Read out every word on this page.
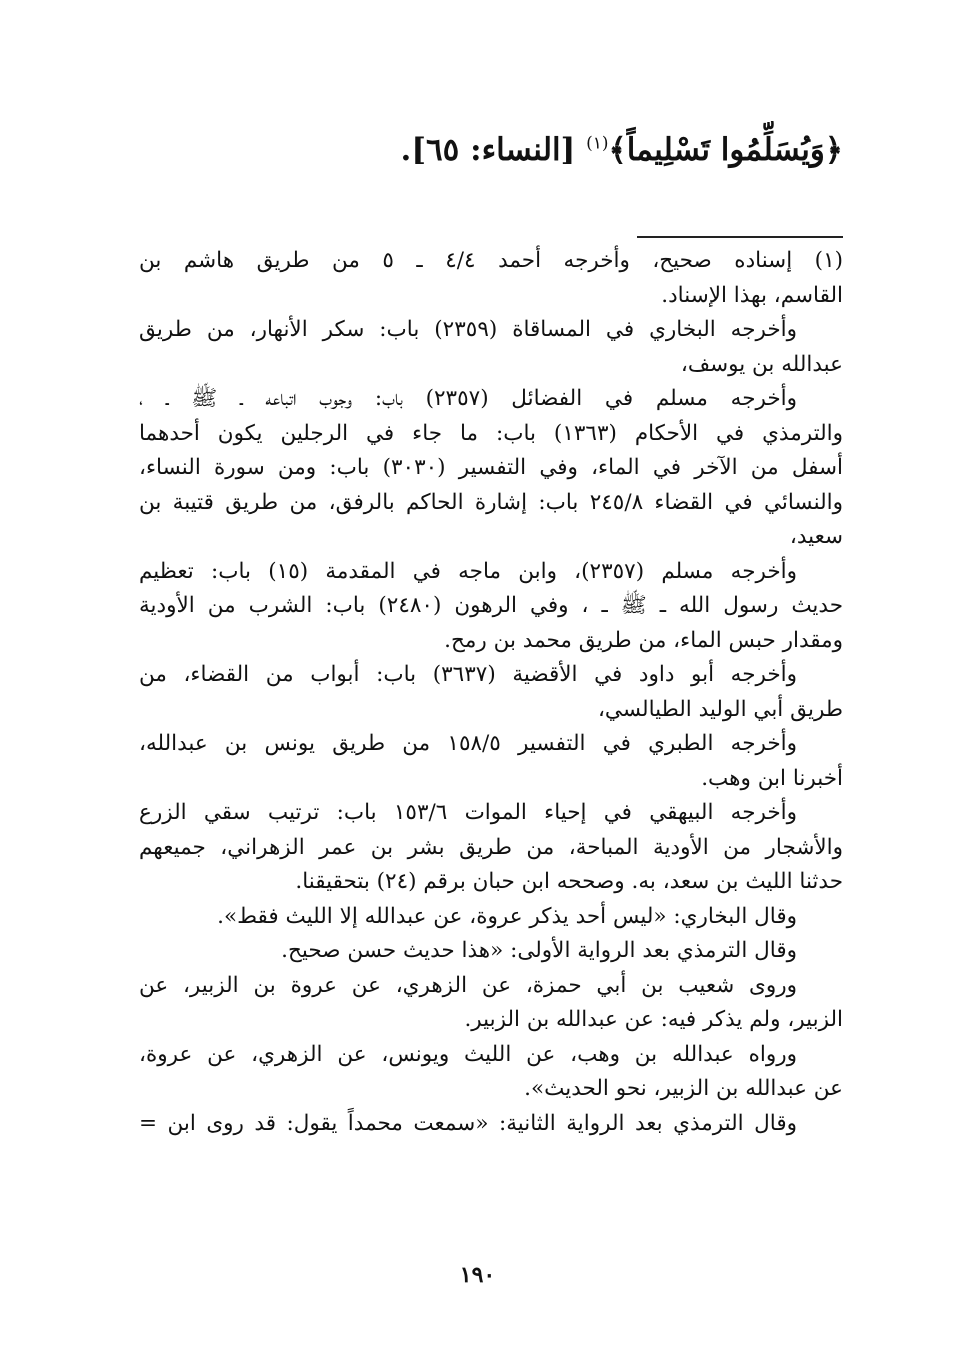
﴿وَيُسَلِّمُوا تَسْلِيماً﴾$^{(١)}$ [النساء: ٦٥].
(١) إسناده صحيح، وأخرجه أحمد ٤/٤ ـ ٥ من طريق هاشم بن
القاسم، بهذا الإسناد.
وأخرجه البخاري في المساقاة (٢٣٥٩) باب: سكر الأنهار، من طريق
عبدالله بن يوسف،
وأخرجه مسلم في الفضائل (٢٣٥٧) باب: وجوب اتباعه ـ ﷺ ـ ،
والترمذي في الأحكام (١٣٦٣) باب: ما جاء في الرجلين يكون أحدهما
أسفل من الآخر في الماء، وفي التفسير (٣٠٣٠) باب: ومن سورة النساء،
والنسائي في القضاء ٢٤٥/٨ باب: إشارة الحاكم بالرفق، من طريق قتيبة بن
سعيد،
وأخرجه مسلم (٢٣٥٧)، وابن ماجه في المقدمة (١٥) باب: تعظيم
حديث رسول الله ـ ﷺ ـ ، وفي الرهون (٢٤٨٠) باب: الشرب من الأودية
ومقدار حبس الماء، من طريق محمد بن رمح.
وأخرجه أبو داود في الأقضية (٣٦٣٧) باب: أبواب من القضاء، من
طريق أبي الوليد الطيالسي،
وأخرجه الطبري في التفسير ١٥٨/٥ من طريق يونس بن عبدالله،
أخبرنا ابن وهب.
وأخرجه البيهقي في إحياء الموات ١٥٣/٦ باب: ترتيب سقي الزرع
والأشجار من الأودية المباحة، من طريق بشر بن عمر الزهراني، جميعهم
حدثنا الليث بن سعد، به. وصححه ابن حبان برقم (٢٤) بتحقيقنا.
وقال البخاري: «ليس أحد يذكر عروة، عن عبدالله إلا الليث فقط».
وقال الترمذي بعد الرواية الأولى: «هذا حديث حسن صحيح.
وروى شعيب بن أبي حمزة، عن الزهري، عن عروة بن الزبير، عن
الزبير، ولم يذكر فيه: عن عبدالله بن الزبير.
ورواه عبدالله بن وهب، عن الليث ويونس، عن الزهري، عن عروة،
عن عبدالله بن الزبير، نحو الحديث».
وقال الترمذي بعد الرواية الثانية: «سمعت محمداً يقول: قد روى ابن =
١٩٠
